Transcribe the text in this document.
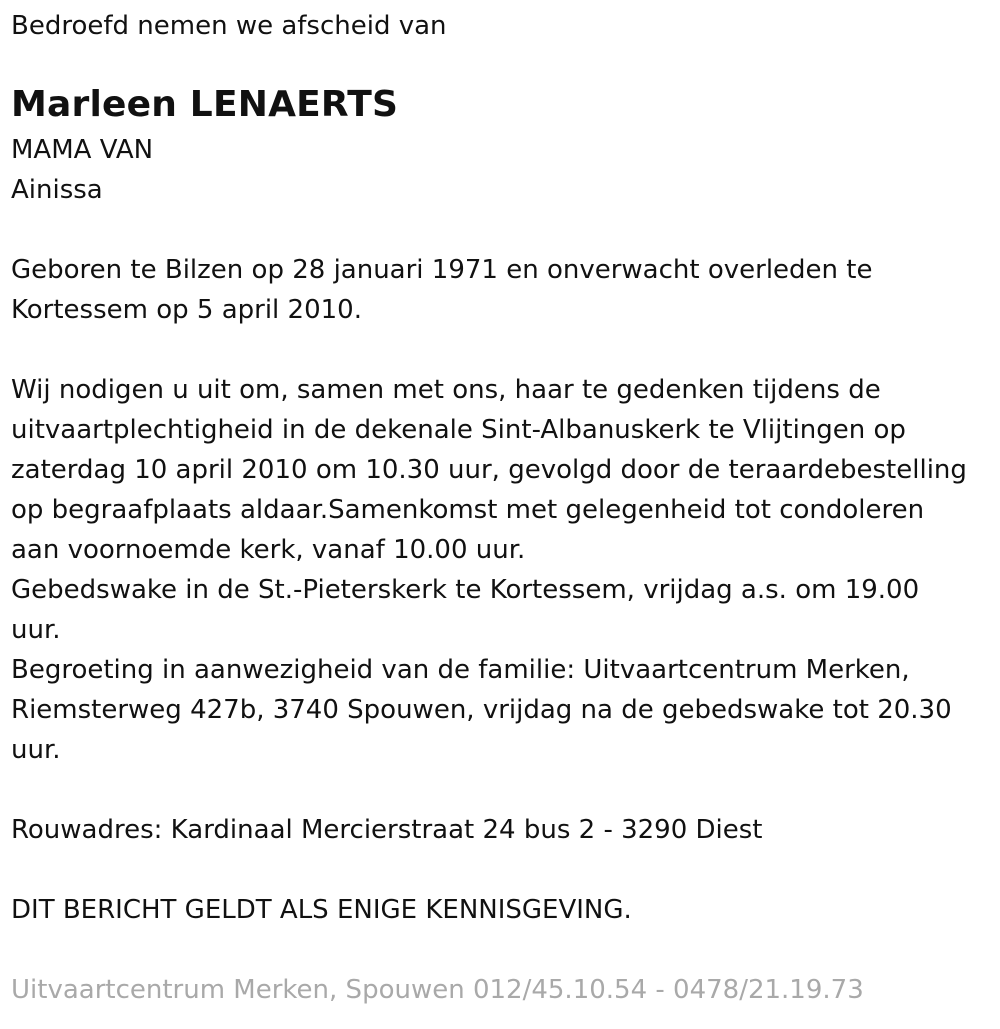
Bedroefd nemen we afscheid van
Marleen LENAERTS
MAMA VAN
Ainissa
Geboren te Bilzen op 28 januari 1971 en onverwacht overleden te
Kortessem op 5 april 2010.
Wij nodigen u uit om, samen met ons, haar te gedenken tijdens de
uitvaartplechtigheid in de dekenale Sint-Albanuskerk te Vlijtingen op
zaterdag 10 april 2010 om 10.30 uur, gevolgd door de teraardebestelling
op begraafplaats aldaar.Samenkomst met gelegenheid tot condoleren
aan voornoemde kerk, vanaf 10.00 uur.
Gebedswake in de St.-Pieterskerk te Kortessem, vrijdag a.s. om 19.00
uur.
Begroeting in aanwezigheid van de familie: Uitvaartcentrum Merken,
Riemsterweg 427b, 3740 Spouwen, vrijdag na de gebedswake tot 20.30
uur.
Rouwadres: Kardinaal Mercierstraat 24 bus 2 - 3290 Diest
DIT BERICHT GELDT ALS ENIGE KENNISGEVING.
Uitvaartcentrum Merken, Spouwen 012/45.10.54 - 0478/21.19.73
